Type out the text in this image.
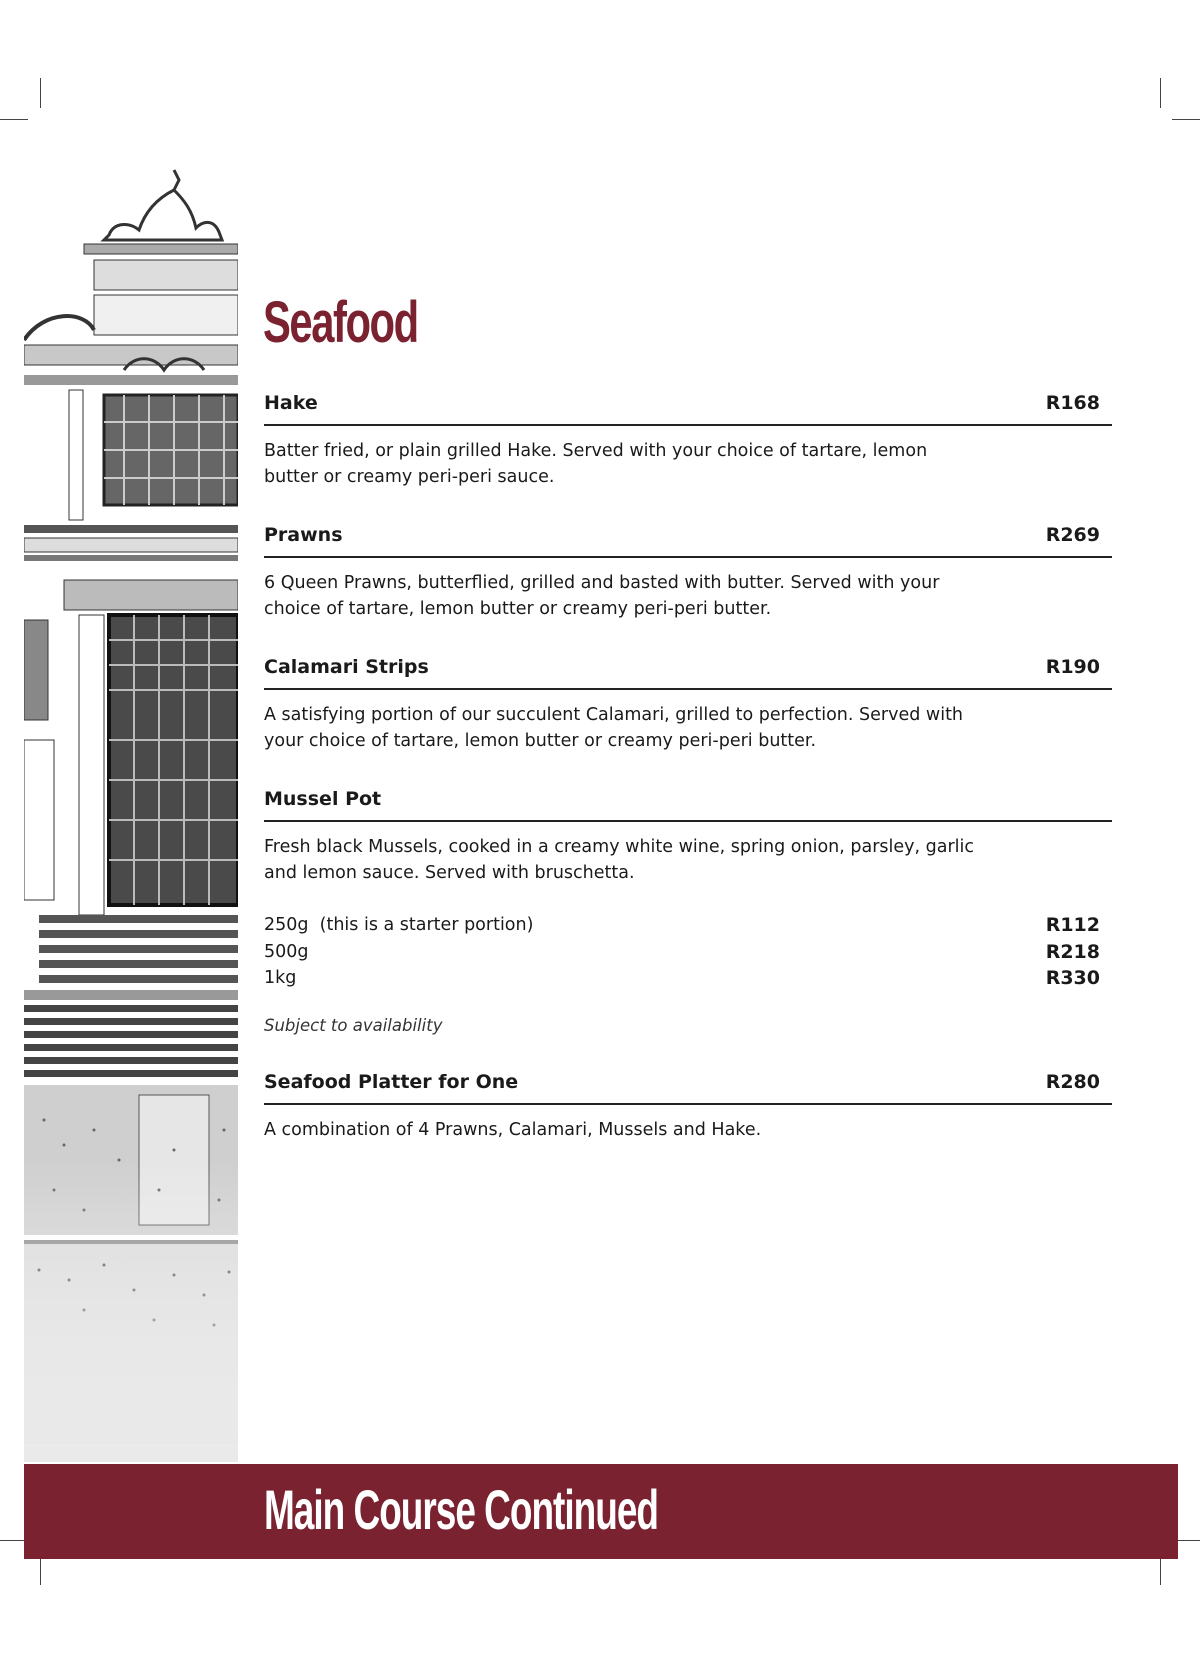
Seafood
Hake	R168

Batter fried, or plain grilled Hake. Served with your choice of tartare, lemon butter or creamy peri-peri sauce.

Prawns	R269

6 Queen Prawns, butterflied, grilled and basted with butter. Served with your choice of tartare, lemon butter or creamy peri-peri butter.

Calamari Strips	R190

A satisfying portion of our succulent Calamari, grilled to perfection. Served with your choice of tartare, lemon butter or creamy peri-peri butter.

Mussel Pot

Fresh black Mussels, cooked in a creamy white wine, spring onion, parsley, garlic and lemon sauce. Served with bruschetta.

250g  (this is a starter portion)	R112
500g	R218
1kg	R330
Subject to availability
Seafood Platter for One	R280

A combination of 4 Prawns, Calamari, Mussels and Hake.

Main Course Continued
